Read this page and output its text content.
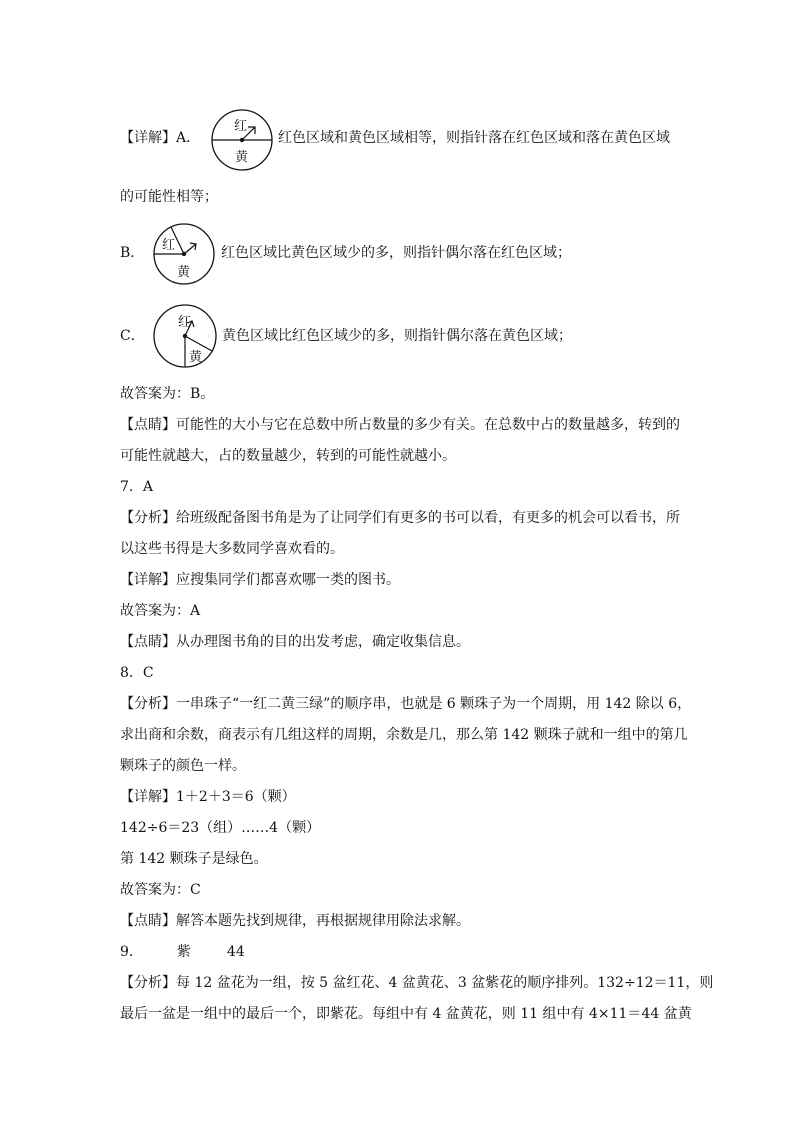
【详解】A．
红
黄
红色区域和黄色区域相等，则指针落在红色区域和落在黄色区域
的可能性相等；
B． 红
黄
红色区域比黄色区域少的多，则指针偶尔落在红色区域；
C．
红
黄
黄色区域比红色区域少的多，则指针偶尔落在黄色区域；
故答案为：B。
【点睛】可能性的大小与它在总数中所占数量的多少有关。在总数中占的数量越多，转到的
可能性就越大，占的数量越少，转到的可能性就越小。
7．A
【分析】给班级配备图书角是为了让同学们有更多的书可以看，有更多的机会可以看书，所
以这些书得是大多数同学喜欢看的。
【详解】应搜集同学们都喜欢哪一类的图书。
故答案为：A
【点睛】从办理图书角的目的出发考虑，确定收集信息。
8．C
【分析】一串珠子“一红二黄三绿”的顺序串，也就是 6 颗珠子为一个周期，用 142 除以 6，
求出商和余数，商表示有几组这样的周期，余数是几，那么第 142 颗珠子就和一组中的第几
颗珠子的颜色一样。
【详解】1＋2＋3＝6（颗）
142÷6＝23（组）……4（颗）
第 142 颗珠子是绿色。
故答案为：C
【点睛】解答本题先找到规律，再根据规律用除法求解。
9． 紫	44
【分析】每 12 盆花为一组，按 5 盆红花、4 盆黄花、3 盆紫花的顺序排列。132÷12＝11，则
最后一盆是一组中的最后一个，即紫花。每组中有 4 盆黄花，则 11 组中有 4×11＝44 盆黄
